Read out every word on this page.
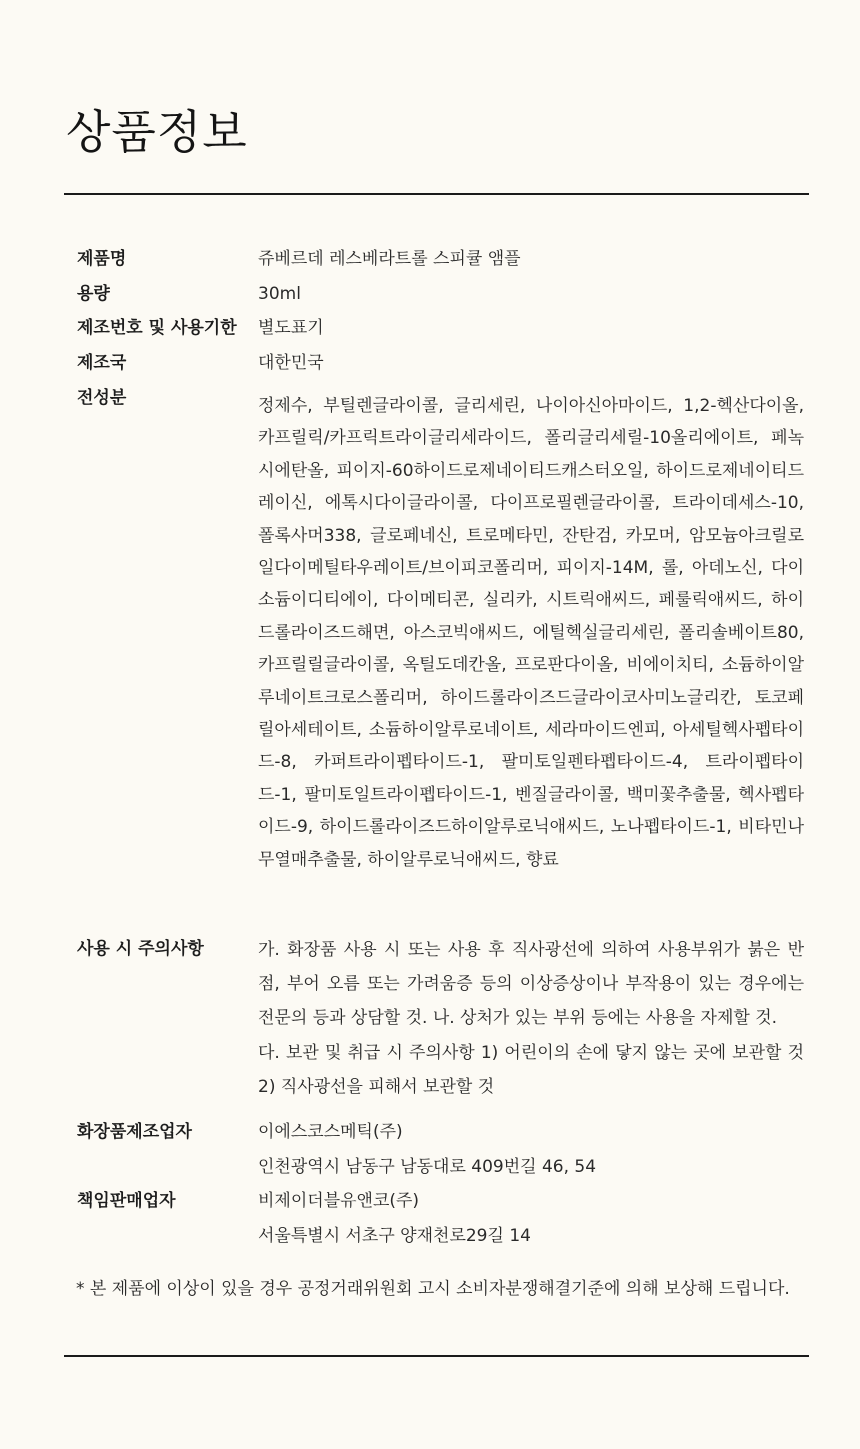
상품정보
제품명	쥬베르데 레스베라트롤 스피큘 앰플
용량	30ml
제조번호 및 사용기한 별도표기
제조국	대한민국
전성분	정제수, 부틸렌글라이콜, 글리세린, 나이아신아마이드, 1,2-헥산다이올, 카프릴릭/카프릭트라이글리세라이드, 폴리글리세릴-10올리에이트, 페녹시에탄올, 피이지-60하이드로제네이티드캐스터오일, 하이드로제네이티드레이신, 에톡시다이글라이콜, 다이프로필렌글라이콜, 트라이데세스-10, 폴록사머338, 글로페네신, 트로메타민, 잔탄검, 카모머, 암모늄아크릴로일다이메틸타우레이트/브이피코폴리머, 피이지-14M, 롤, 아데노신, 다이소듐이디티에이, 다이메티콘, 실리카, 시트릭애씨드, 페룰릭애씨드, 하이드롤라이즈드해면, 아스코빅애씨드, 에틸헥실글리세린, 폴리솔베이트80, 카프릴릴글라이콜, 옥틸도데칸올, 프로판다이올, 비에이치티, 소듐하이알루네이트크로스폴리머, 하이드롤라이즈드글라이코사미노글리칸, 토코페릴아세테이트, 소듐하이알루로네이트, 세라마이드엔피, 아세틸헥사펩타이드-8, 카퍼트라이펩타이드-1, 팔미토일펜타펩타이드-4, 트라이펩타이드-1, 팔미토일트라이펩타이드-1, 벤질글라이콜, 백미꽃추출물, 헥사펩타이드-9, 하이드롤라이즈드하이알루로닉애씨드, 노나펩타이드-1, 비타민나무열매추출물, 하이알루로닉애씨드, 향료
사용 시 주의사항	가. 화장품 사용 시 또는 사용 후 직사광선에 의하여 사용부위가 붉은 반점, 부어 오름 또는 가려움증 등의 이상증상이나 부작용이 있는 경우에는 전문의 등과 상담할 것. 나. 상처가 있는 부위 등에는 사용을 자제할 것.

다. 보관 및 취급 시 주의사항 1) 어린이의 손에 닿지 않는 곳에 보관할 것 2) 직사광선을 피해서 보관할 것

화장품제조업자	이에스코스메틱(주)
인천광역시 남동구 남동대로 409번길 46, 54
책임판매업자	비제이더블유앤코(주)
서울특별시 서초구 양재천로29길 14
* 본 제품에 이상이 있을 경우 공정거래위원회 고시 소비자분쟁해결기준에 의해 보상해 드립니다.
